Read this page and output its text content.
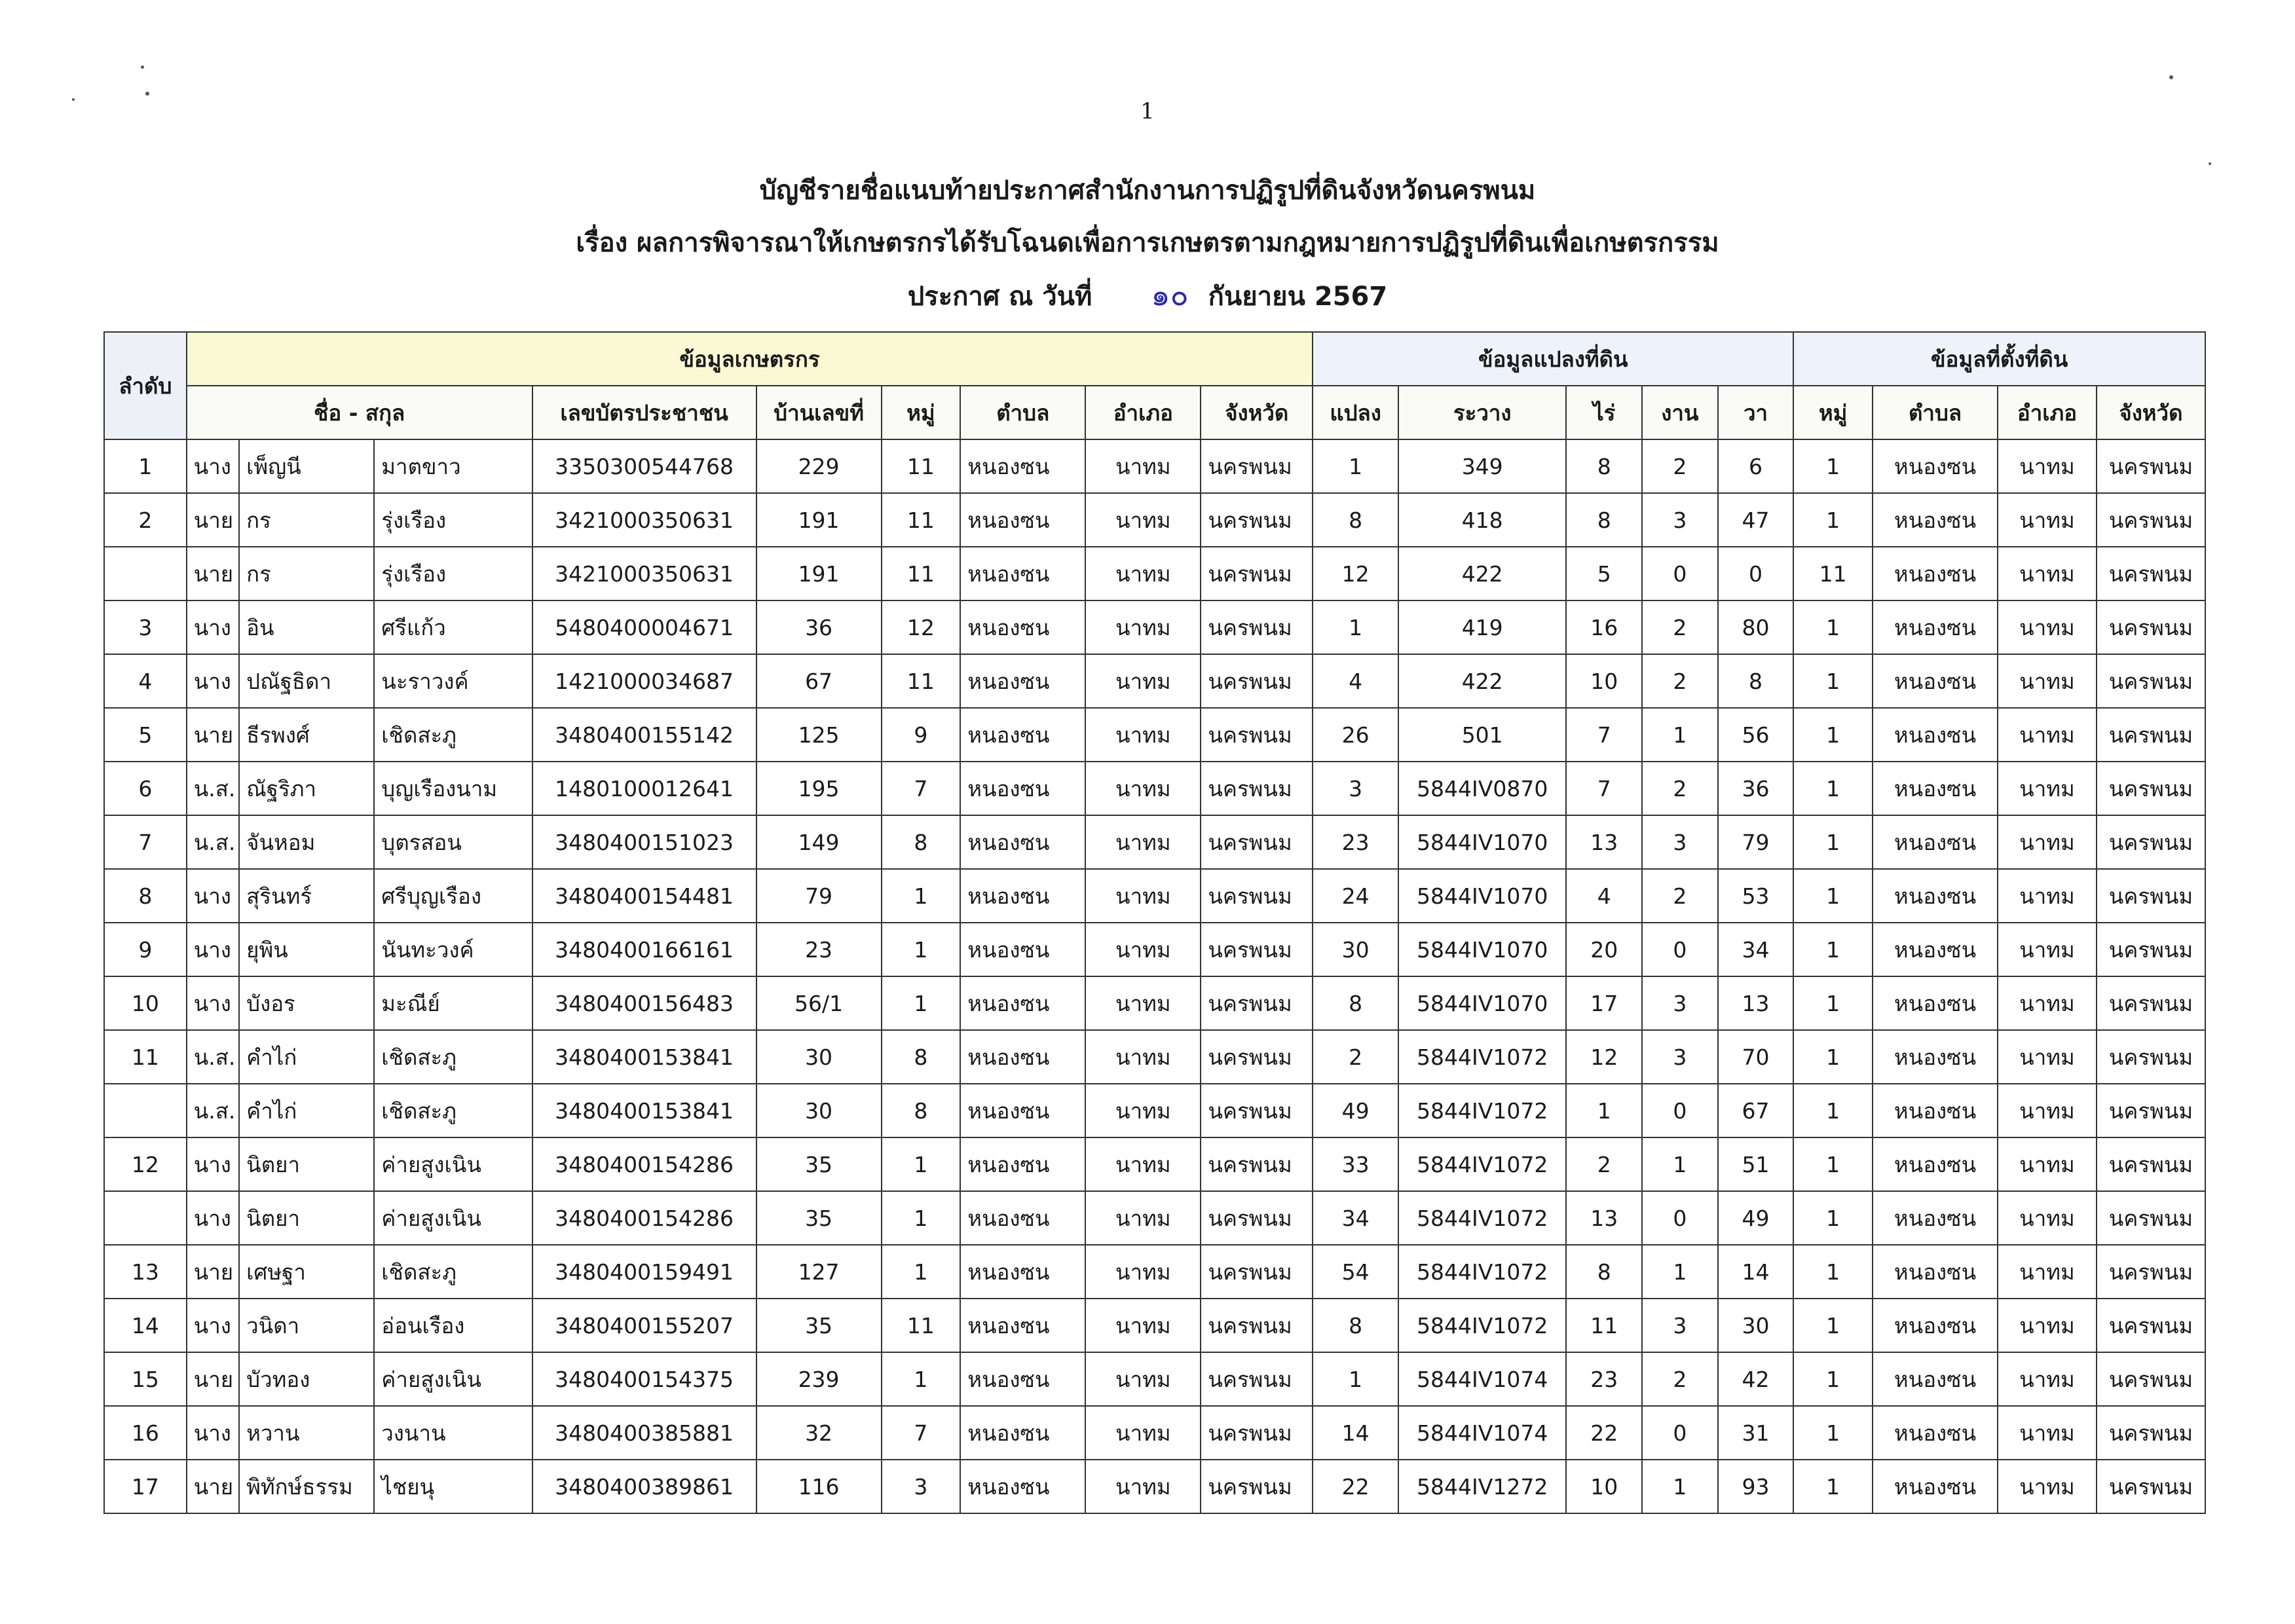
1
บัญชีรายชื่อแนบท้ายประกาศสำนักงานการปฏิรูปที่ดินจังหวัดนครพนม
เรื่อง ผลการพิจารณาให้เกษตรกรได้รับโฉนดเพื่อการเกษตรตามกฎหมายการปฏิรูปที่ดินเพื่อเกษตรกรรม
ประกาศ ณ วันที่ ๑๐ กันยายน 2567
ลำดับ	ข้อมูลเกษตรกร									ข้อมูลแปลงที่ดิน					ข้อมูลที่ตั้งที่ดิน			
	ชื่อ - สกุล			เลขบัตรประชาชน	บ้านเลขที่	หมู่	ตำบล	อำเภอ	จังหวัด	แปลง	ระวาง	ไร่	งาน	วา	หมู่	ตำบล	อำเภอ	จังหวัด
1	นาง	เพ็ญนี	มาตขาว	3350300544768	229	11	หนองซน	นาทม	นครพนม	1	349	8	2	6	1	หนองซน	นาทม	นครพนม
2	นาย	กร	รุ่งเรือง	3421000350631	191	11	หนองซน	นาทม	นครพนม	8	418	8	3	47	1	หนองซน	นาทม	นครพนม
	นาย	กร	รุ่งเรือง	3421000350631	191	11	หนองซน	นาทม	นครพนม	12	422	5	0	0	11	หนองซน	นาทม	นครพนม
3	นาง	อิน	ศรีแก้ว	5480400004671	36	12	หนองซน	นาทม	นครพนม	1	419	16	2	80	1	หนองซน	นาทม	นครพนม
4	นาง	ปณัฐธิดา	นะราวงค์	1421000034687	67	11	หนองซน	นาทม	นครพนม	4	422	10	2	8	1	หนองซน	นาทม	นครพนม
5	นาย	ธีรพงศ์	เชิดสะภู	3480400155142	125	9	หนองซน	นาทม	นครพนม	26	501	7	1	56	1	หนองซน	นาทม	นครพนม
6	น.ส.	ณัฐริภา	บุญเรืองนาม	1480100012641	195	7	หนองซน	นาทม	นครพนม	3	5844IV0870	7	2	36	1	หนองซน	นาทม	นครพนม
7	น.ส.	จันหอม	บุตรสอน	3480400151023	149	8	หนองซน	นาทม	นครพนม	23	5844IV1070	13	3	79	1	หนองซน	นาทม	นครพนม
8	นาง	สุรินทร์	ศรีบุญเรือง	3480400154481	79	1	หนองซน	นาทม	นครพนม	24	5844IV1070	4	2	53	1	หนองซน	นาทม	นครพนม
9	นาง	ยุพิน	นันทะวงค์	3480400166161	23	1	หนองซน	นาทม	นครพนม	30	5844IV1070	20	0	34	1	หนองซน	นาทม	นครพนม
10	นาง	บังอร	มะณีย์	3480400156483	56/1	1	หนองซน	นาทม	นครพนม	8	5844IV1070	17	3	13	1	หนองซน	นาทม	นครพนม
11	น.ส.	คำไก่	เชิดสะภู	3480400153841	30	8	หนองซน	นาทม	นครพนม	2	5844IV1072	12	3	70	1	หนองซน	นาทม	นครพนม
	น.ส.	คำไก่	เชิดสะภู	3480400153841	30	8	หนองซน	นาทม	นครพนม	49	5844IV1072	1	0	67	1	หนองซน	นาทม	นครพนม
12	นาง	นิตยา	ค่ายสูงเนิน	3480400154286	35	1	หนองซน	นาทม	นครพนม	33	5844IV1072	2	1	51	1	หนองซน	นาทม	นครพนม
	นาง	นิตยา	ค่ายสูงเนิน	3480400154286	35	1	หนองซน	นาทม	นครพนม	34	5844IV1072	13	0	49	1	หนองซน	นาทม	นครพนม
13	นาย	เศษฐา	เชิดสะภู	3480400159491	127	1	หนองซน	นาทม	นครพนม	54	5844IV1072	8	1	14	1	หนองซน	นาทม	นครพนม
14	นาง	วนิดา	อ่อนเรือง	3480400155207	35	11	หนองซน	นาทม	นครพนม	8	5844IV1072	11	3	30	1	หนองซน	นาทม	นครพนม
15	นาย	บัวทอง	ค่ายสูงเนิน	3480400154375	239	1	หนองซน	นาทม	นครพนม	1	5844IV1074	23	2	42	1	หนองซน	นาทม	นครพนม
16	นาง	หวาน	วงนาน	3480400385881	32	7	หนองซน	นาทม	นครพนม	14	5844IV1074	22	0	31	1	หนองซน	นาทม	นครพนม
17	นาย	พิทักษ์ธรรม	ไชยนุ	3480400389861	116	3	หนองซน	นาทม	นครพนม	22	5844IV1272	10	1	93	1	หนองซน	นาทม	นครพนม
